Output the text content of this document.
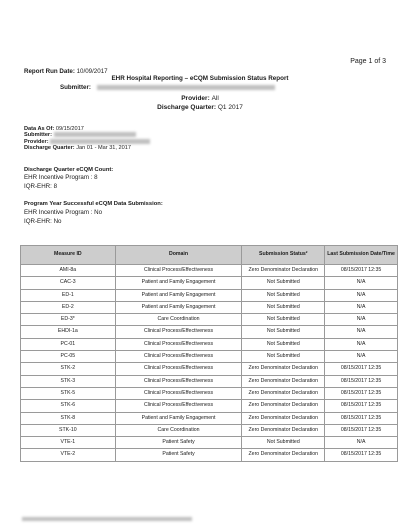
Page 1 of 3
Report Run Date: 10/09/2017
EHR Hospital Reporting – eCQM Submission Status Report
Submitter:
Provider: All
Discharge Quarter: Q1 2017
Data As Of: 09/15/2017
Submitter:
Provider:
Discharge Quarter: Jan 01 - Mar 31, 2017
Discharge Quarter eCQM Count:
EHR Incentive Program : 8
IQR-EHR: 8
Program Year Successful eCQM Data Submission:
EHR Incentive Program : No
IQR-EHR: No
Measure ID	Domain	Submission Status²	Last Submission Date/Time
AMI-8a	Clinical Process/Effectiveness	Zero Denominator Declaration	08/15/2017 12:35
CAC-3	Patient and Family Engagement	Not Submitted	N/A
ED-1	Patient and Family Engagement	Not Submitted	N/A
ED-2	Patient and Family Engagement	Not Submitted	N/A
ED-3*	Care Coordination	Not Submitted	N/A
EHDI-1a	Clinical Process/Effectiveness	Not Submitted	N/A
PC-01	Clinical Process/Effectiveness	Not Submitted	N/A
PC-05	Clinical Process/Effectiveness	Not Submitted	N/A
STK-2	Clinical Process/Effectiveness	Zero Denominator Declaration	08/15/2017 12:35
STK-3	Clinical Process/Effectiveness	Zero Denominator Declaration	08/15/2017 12:35
STK-5	Clinical Process/Effectiveness	Zero Denominator Declaration	08/15/2017 12:35
STK-6	Clinical Process/Effectiveness	Zero Denominator Declaration	08/15/2017 12:35
STK-8	Patient and Family Engagement	Zero Denominator Declaration	08/15/2017 12:35
STK-10	Care Coordination	Zero Denominator Declaration	08/15/2017 12:35
VTE-1	Patient Safety	Not Submitted	N/A
VTE-2	Patient Safety	Zero Denominator Declaration	08/15/2017 12:35
